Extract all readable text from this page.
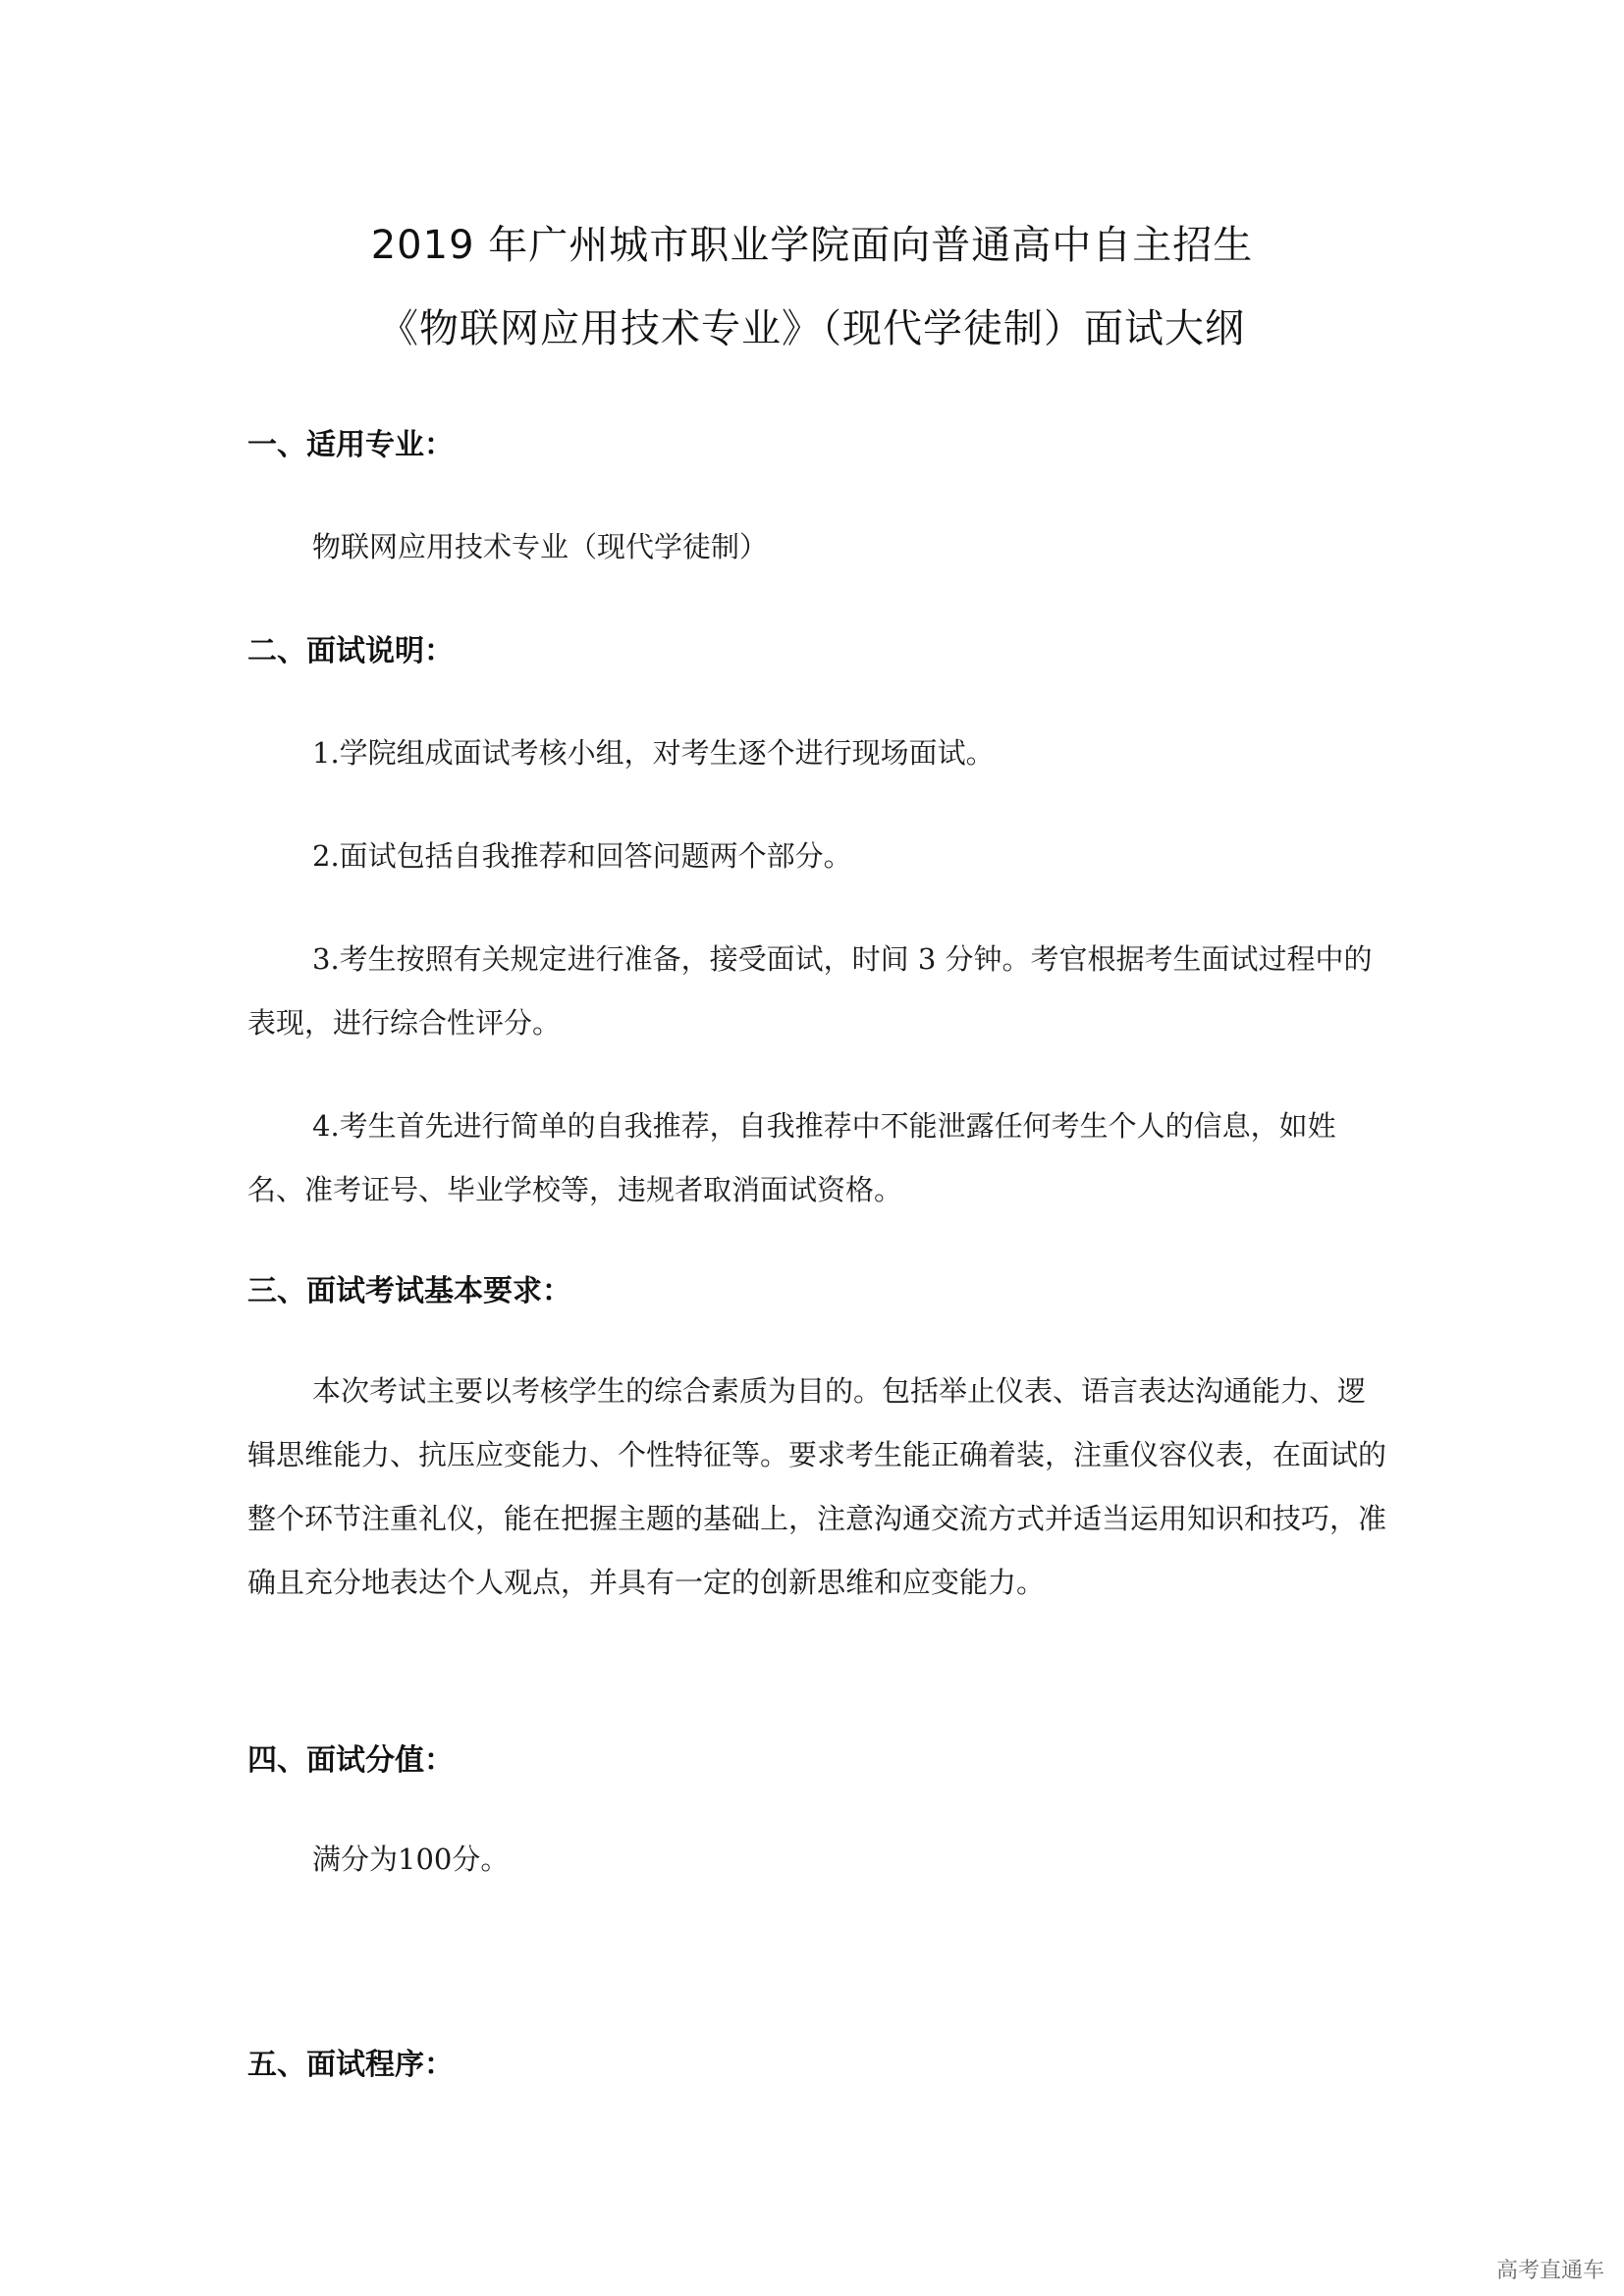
2019 年广州城市职业学院面向普通高中自主招生
《物联网应用技术专业》（现代学徒制）面试大纲
一、适用专业：

物联网应用技术专业（现代学徒制）

二、面试说明：

1.学院组成面试考核小组，对考生逐个进行现场面试。

2.面试包括自我推荐和回答问题两个部分。

3.考生按照有关规定进行准备，接受面试，时间 3 分钟。考官根据考生面试过程中的表现，进行综合性评分。

4.考生首先进行简单的自我推荐，自我推荐中不能泄露任何考生个人的信息，如姓名、准考证号、毕业学校等，违规者取消面试资格。

三、面试考试基本要求：

本次考试主要以考核学生的综合素质为目的。包括举止仪表、语言表达沟通能力、逻辑思维能力、抗压应变能力、个性特征等。要求考生能正确着装，注重仪容仪表，在面试的整个环节注重礼仪，能在把握主题的基础上，注意沟通交流方式并适当运用知识和技巧，准确且充分地表达个人观点，并具有一定的创新思维和应变能力。

四、面试分值：

满分为100分。

五、面试程序：
高考直通车
